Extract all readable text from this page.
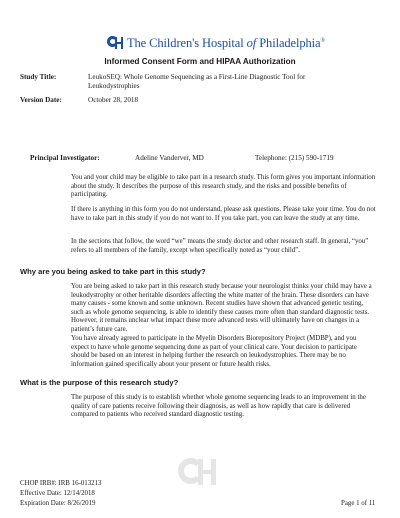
The Children's Hospital of Philadelphia®
Informed Consent Form and HIPAA Authorization
Study Title:	LeukoSEQ: Whole Genome Sequencing as a First-Line Diagnostic Tool for Leukodystrophies
Version Date:	October 28, 2018
Principal Investigator:	Adeline Vanderver, MD	Telephone: (215) 590-1719
You and your child may be eligible to take part in a research study. This form gives you important information about the study. It describes the purpose of this research study, and the risks and possible benefits of participating.
If there is anything in this form you do not understand, please ask questions. Please take your time. You do not have to take part in this study if you do not want to. If you take part, you can leave the study at any time.
In the sections that follow, the word “we” means the study doctor and other research staff. In general, “you” refers to all members of the family, except when specifically noted as “your child”.
Why are you being asked to take part in this study?
You are being asked to take part in this research study because your neurologist thinks your child may have a leukodystrophy or other heritable disorders affecting the white matter of the brain. These disorders can have many causes - some known and some unknown. Recent studies have shown that advanced genetic testing, such as whole genome sequencing, is able to identify these causes more often than standard diagnostic tests. However, it remains unclear what impact these more advanced tests will ultimately have on changes in a patient’s future care.
You have already agreed to participate in the Myelin Disorders Biorepository Project (MDBP), and you expect to have whole genome sequencing done as part of your clinical care. Your decision to participate should be based on an interest in helping further the research on leukodystrophies. There may be no information gained specifically about your present or future health risks.
What is the purpose of this research study?
The purpose of this study is to establish whether whole genome sequencing leads to an improvement in the quality of care patients receive following their diagnosis, as well as how rapidly that care is delivered compared to patients who received standard diagnostic testing.
CHOP IRB#: IRB 16-013213
Effective Date: 12/14/2018
Expiration Date: 8/26/2019	Page 1 of 11
